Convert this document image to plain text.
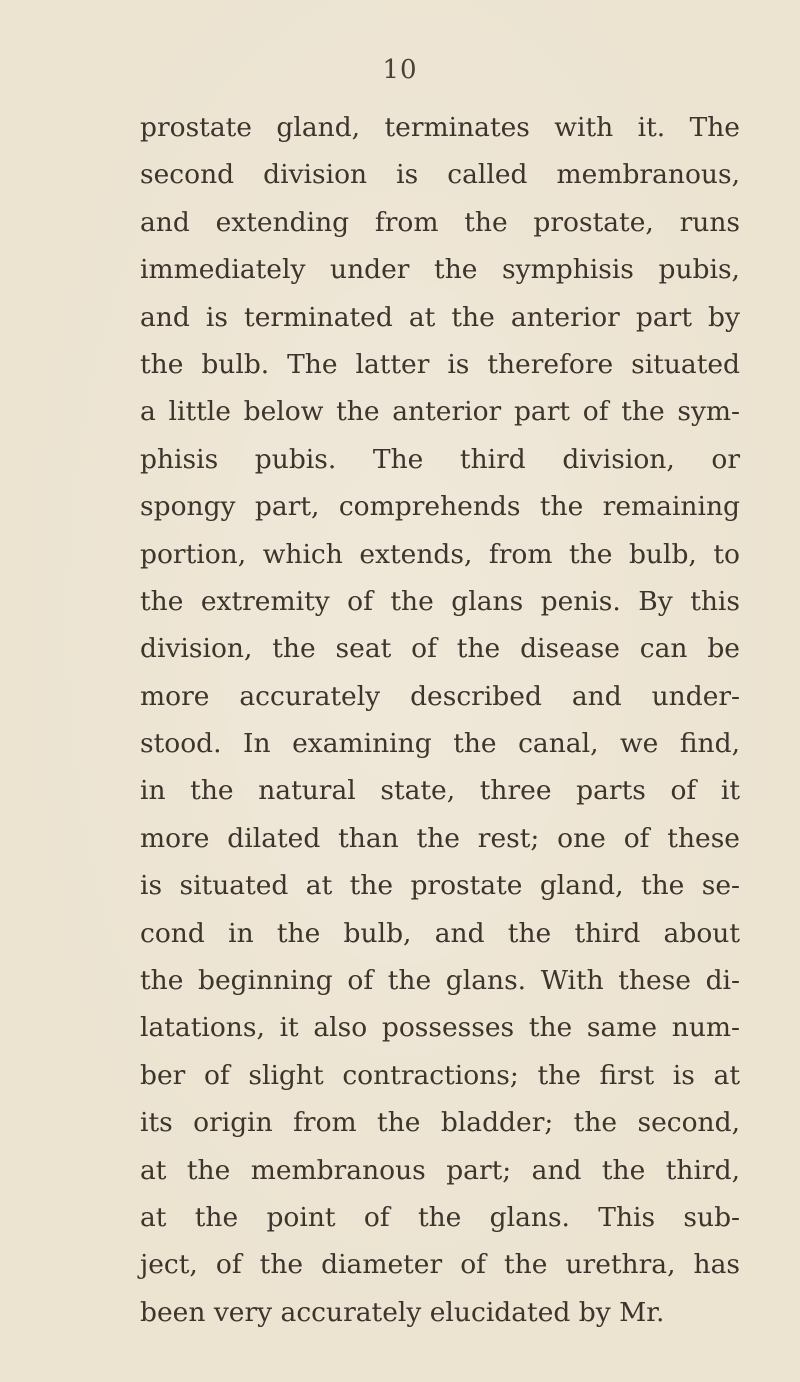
10
prostate gland, terminates with it. The
second division is called membranous,
and extending from the prostate, runs
immediately under the symphisis pubis,
and is terminated at the anterior part by
the bulb. The latter is therefore situated
a little below the anterior part of the sym-
phisis pubis. The third division, or
spongy part, comprehends the remaining
portion, which extends, from the bulb, to
the extremity of the glans penis. By this
division, the seat of the disease can be
more accurately described and under-
stood. In examining the canal, we find,
in the natural state, three parts of it
more dilated than the rest; one of these
is situated at the prostate gland, the se-
cond in the bulb, and the third about
the beginning of the glans. With these di-
latations, it also possesses the same num-
ber of slight contractions; the first is at
its origin from the bladder; the second,
at the membranous part; and the third,
at the point of the glans. This sub-
ject, of the diameter of the urethra, has
been very accurately elucidated by Mr.
